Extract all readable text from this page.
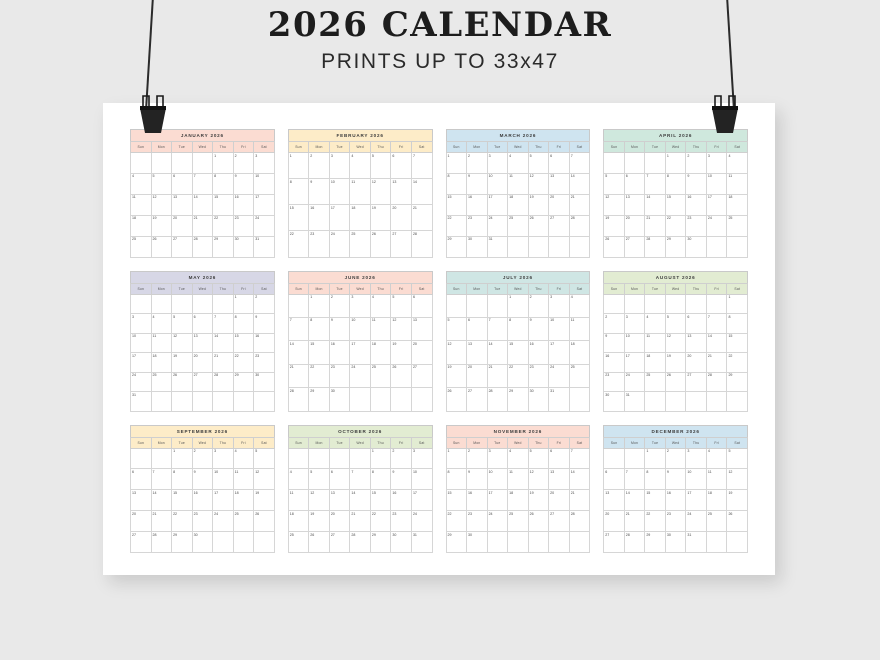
2026 CALENDAR
PRINTS UP TO 33x47
JANUARY 2026
Sun	Mon	Tue	Wed	Thu	Fri	Sat
				1	2	3
4	5	6	7	8	9	10
11	12	13	14	15	16	17
18	19	20	21	22	23	24
25	26	27	28	29	30	31
FEBRUARY 2026
Sun	Mon	Tue	Wed	Thu	Fri	Sat
1	2	3	4	5	6	7
8	9	10	11	12	13	14
15	16	17	18	19	20	21
22	23	24	25	26	27	28
MARCH 2026
Sun	Mon	Tue	Wed	Thu	Fri	Sat
1	2	3	4	5	6	7
8	9	10	11	12	13	14
15	16	17	18	19	20	21
22	23	24	25	26	27	28
29	30	31				
APRIL 2026
Sun	Mon	Tue	Wed	Thu	Fri	Sat
			1	2	3	4
5	6	7	8	9	10	11
12	13	14	15	16	17	18
19	20	21	22	23	24	25
26	27	28	29	30		
MAY 2026
Sun	Mon	Tue	Wed	Thu	Fri	Sat
					1	2
3	4	5	6	7	8	9
10	11	12	13	14	15	16
17	18	19	20	21	22	23
24	25	26	27	28	29	30
31						
JUNE 2026
Sun	Mon	Tue	Wed	Thu	Fri	Sat
	1	2	3	4	5	6
7	8	9	10	11	12	13
14	15	16	17	18	19	20
21	22	23	24	25	26	27
28	29	30				
JULY 2026
Sun	Mon	Tue	Wed	Thu	Fri	Sat
			1	2	3	4
5	6	7	8	9	10	11
12	13	14	15	16	17	18
19	20	21	22	23	24	25
26	27	28	29	30	31	
AUGUST 2026
Sun	Mon	Tue	Wed	Thu	Fri	Sat
						1
2	3	4	5	6	7	8
9	10	11	12	13	14	15
16	17	18	19	20	21	22
23	24	25	26	27	28	29
30	31					
SEPTEMBER 2026
Sun	Mon	Tue	Wed	Thu	Fri	Sat
		1	2	3	4	5
6	7	8	9	10	11	12
13	14	15	16	17	18	19
20	21	22	23	24	25	26
27	28	29	30			
OCTOBER 2026
Sun	Mon	Tue	Wed	Thu	Fri	Sat
				1	2	3
4	5	6	7	8	9	10
11	12	13	14	15	16	17
18	19	20	21	22	23	24
25	26	27	28	29	30	31
NOVEMBER 2026
Sun	Mon	Tue	Wed	Thu	Fri	Sat
1	2	3	4	5	6	7
8	9	10	11	12	13	14
15	16	17	18	19	20	21
22	23	24	25	26	27	28
29	30					
DECEMBER 2026
Sun	Mon	Tue	Wed	Thu	Fri	Sat
		1	2	3	4	5
6	7	8	9	10	11	12
13	14	15	16	17	18	19
20	21	22	23	24	25	26
27	28	29	30	31		
